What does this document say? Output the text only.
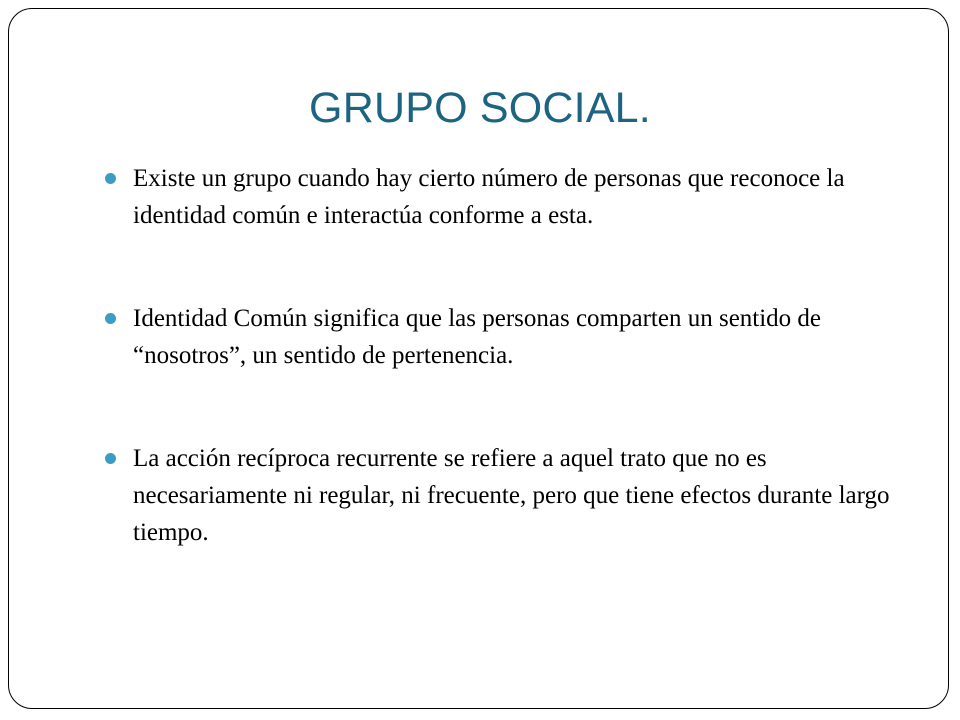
GRUPO SOCIAL.
Existe un grupo cuando hay cierto número de personas que reconoce la identidad común e interactúa conforme a esta.
Identidad Común significa que las personas comparten un sentido de “nosotros”, un sentido de pertenencia.
La acción recíproca recurrente se refiere a aquel trato que no es necesariamente ni regular, ni frecuente, pero que tiene efectos durante largo tiempo.
